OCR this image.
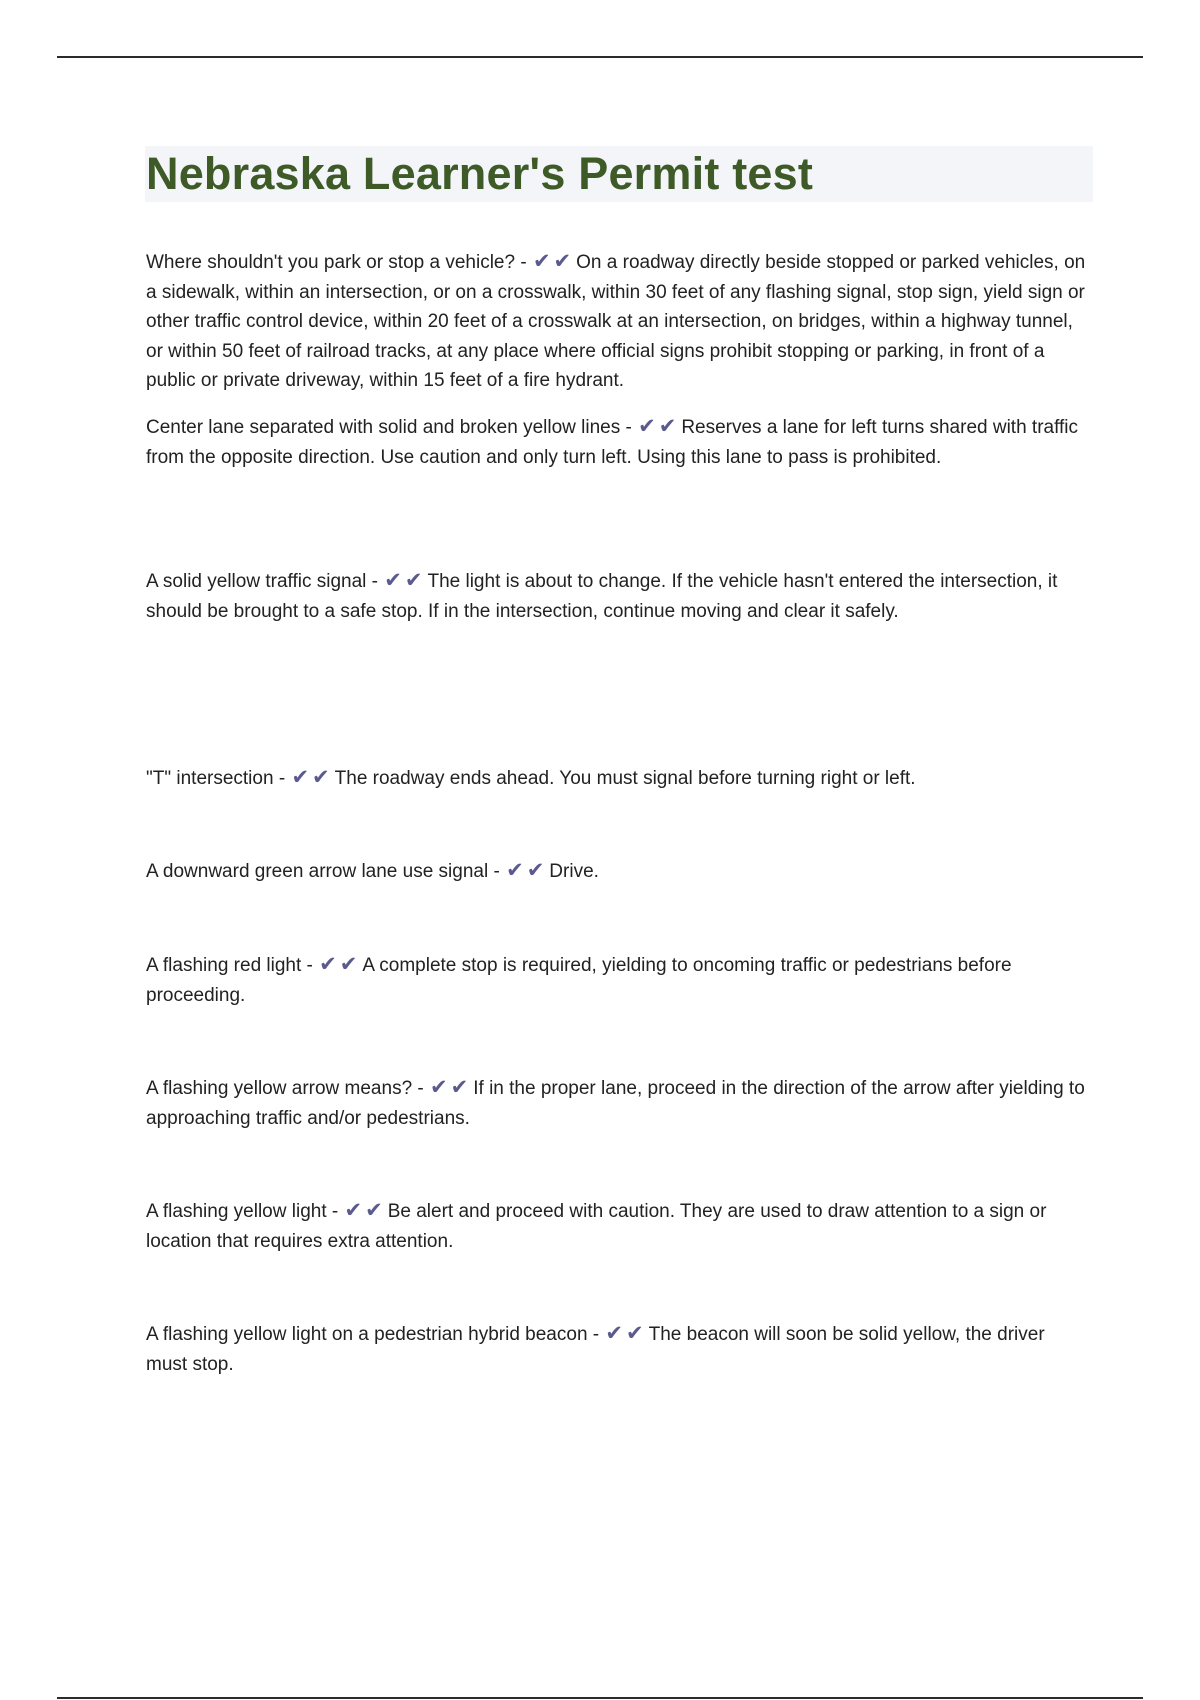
Nebraska Learner's Permit test

Where shouldn't you park or stop a vehicle? - ✔✔ On a roadway directly beside stopped or parked vehicles, on a sidewalk, within an intersection, or on a crosswalk, within 30 feet of any flashing signal, stop sign, yield sign or other traffic control device, within 20 feet of a crosswalk at an intersection, on bridges, within a highway tunnel, or within 50 feet of railroad tracks, at any place where official signs prohibit stopping or parking, in front of a public or private driveway, within 15 feet of a fire hydrant.

Center lane separated with solid and broken yellow lines - ✔✔ Reserves a lane for left turns shared with traffic from the opposite direction. Use caution and only turn left. Using this lane to pass is prohibited.

A solid yellow traffic signal - ✔✔ The light is about to change. If the vehicle hasn't entered the intersection, it should be brought to a safe stop. If in the intersection, continue moving and clear it safely.

"T" intersection - ✔✔ The roadway ends ahead. You must signal before turning right or left.

A downward green arrow lane use signal - ✔✔ Drive.

A flashing red light - ✔✔ A complete stop is required, yielding to oncoming traffic or pedestrians before proceeding.

A flashing yellow arrow means? - ✔✔ If in the proper lane, proceed in the direction of the arrow after yielding to approaching traffic and/or pedestrians.

A flashing yellow light - ✔✔ Be alert and proceed with caution. They are used to draw attention to a sign or location that requires extra attention.

A flashing yellow light on a pedestrian hybrid beacon - ✔✔ The beacon will soon be solid yellow, the driver must stop.
